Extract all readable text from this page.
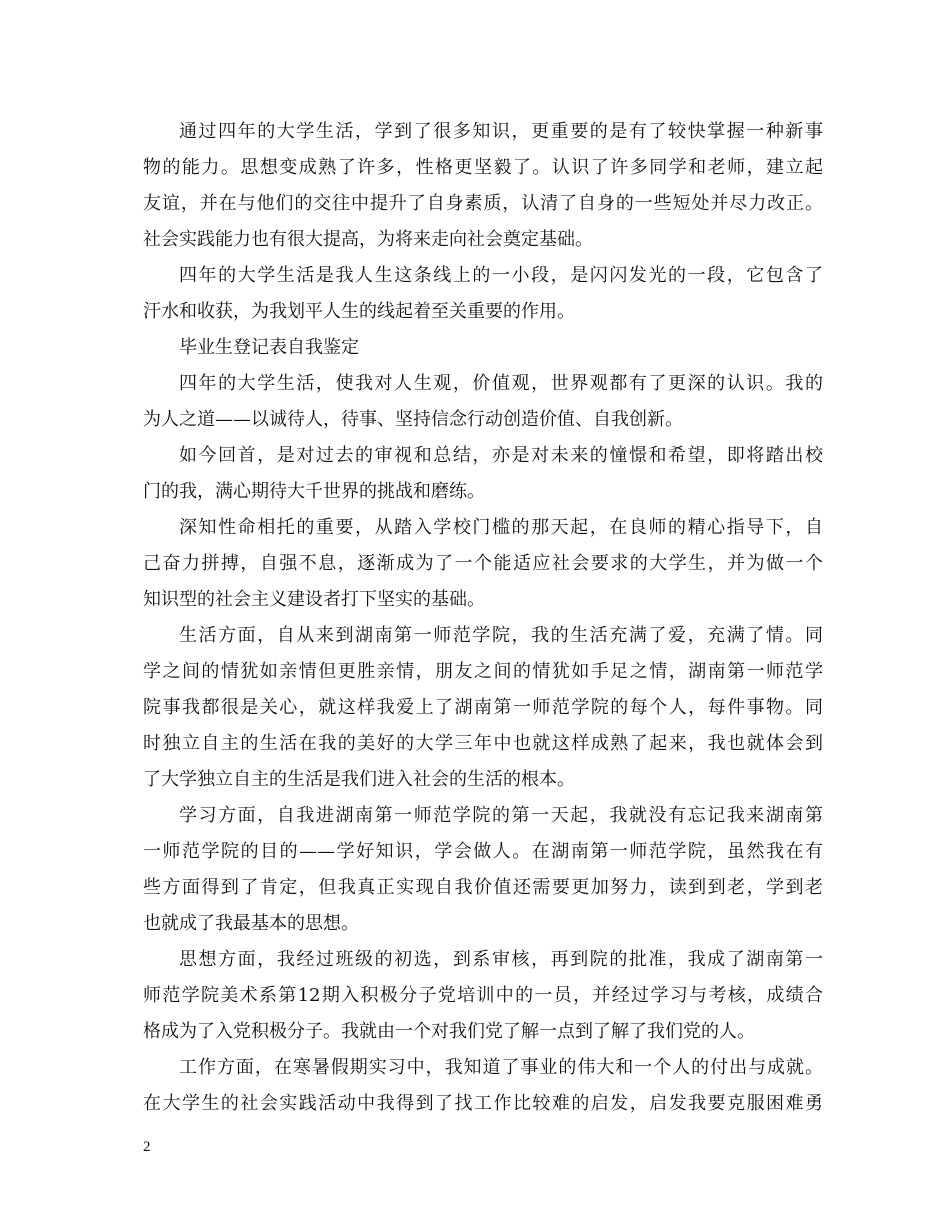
通过四年的大学生活，学到了很多知识，更重要的是有了较快掌握一种新事
物的能力。思想变成熟了许多，性格更坚毅了。认识了许多同学和老师，建立起
友谊，并在与他们的交往中提升了自身素质，认清了自身的一些短处并尽力改正。
社会实践能力也有很大提高，为将来走向社会奠定基础。
四年的大学生活是我人生这条线上的一小段，是闪闪发光的一段，它包含了
汗水和收获，为我划平人生的线起着至关重要的作用。
毕业生登记表自我鉴定
四年的大学生活，使我对人生观，价值观，世界观都有了更深的认识。我的
为人之道——以诚待人，待事、坚持信念行动创造价值、自我创新。
如今回首，是对过去的审视和总结，亦是对未来的憧憬和希望，即将踏出校
门的我，满心期待大千世界的挑战和磨练。
深知性命相托的重要，从踏入学校门槛的那天起，在良师的精心指导下，自
己奋力拼搏，自强不息，逐渐成为了一个能适应社会要求的大学生，并为做一个
知识型的社会主义建设者打下坚实的基础。
生活方面，自从来到湖南第一师范学院，我的生活充满了爱，充满了情。同
学之间的情犹如亲情但更胜亲情，朋友之间的情犹如手足之情，湖南第一师范学
院事我都很是关心，就这样我爱上了湖南第一师范学院的每个人，每件事物。同
时独立自主的生活在我的美好的大学三年中也就这样成熟了起来，我也就体会到
了大学独立自主的生活是我们进入社会的生活的根本。
学习方面，自我进湖南第一师范学院的第一天起，我就没有忘记我来湖南第
一师范学院的目的——学好知识，学会做人。在湖南第一师范学院，虽然我在有
些方面得到了肯定，但我真正实现自我价值还需要更加努力，读到到老，学到老
也就成了我最基本的思想。
思想方面，我经过班级的初选，到系审核，再到院的批准，我成了湖南第一
师范学院美术系第12期入积极分子党培训中的一员，并经过学习与考核，成绩合
格成为了入党积极分子。我就由一个对我们党了解一点到了解了我们党的人。
工作方面，在寒暑假期实习中，我知道了事业的伟大和一个人的付出与成就。
在大学生的社会实践活动中我得到了找工作比较难的启发，启发我要克服困难勇
2
